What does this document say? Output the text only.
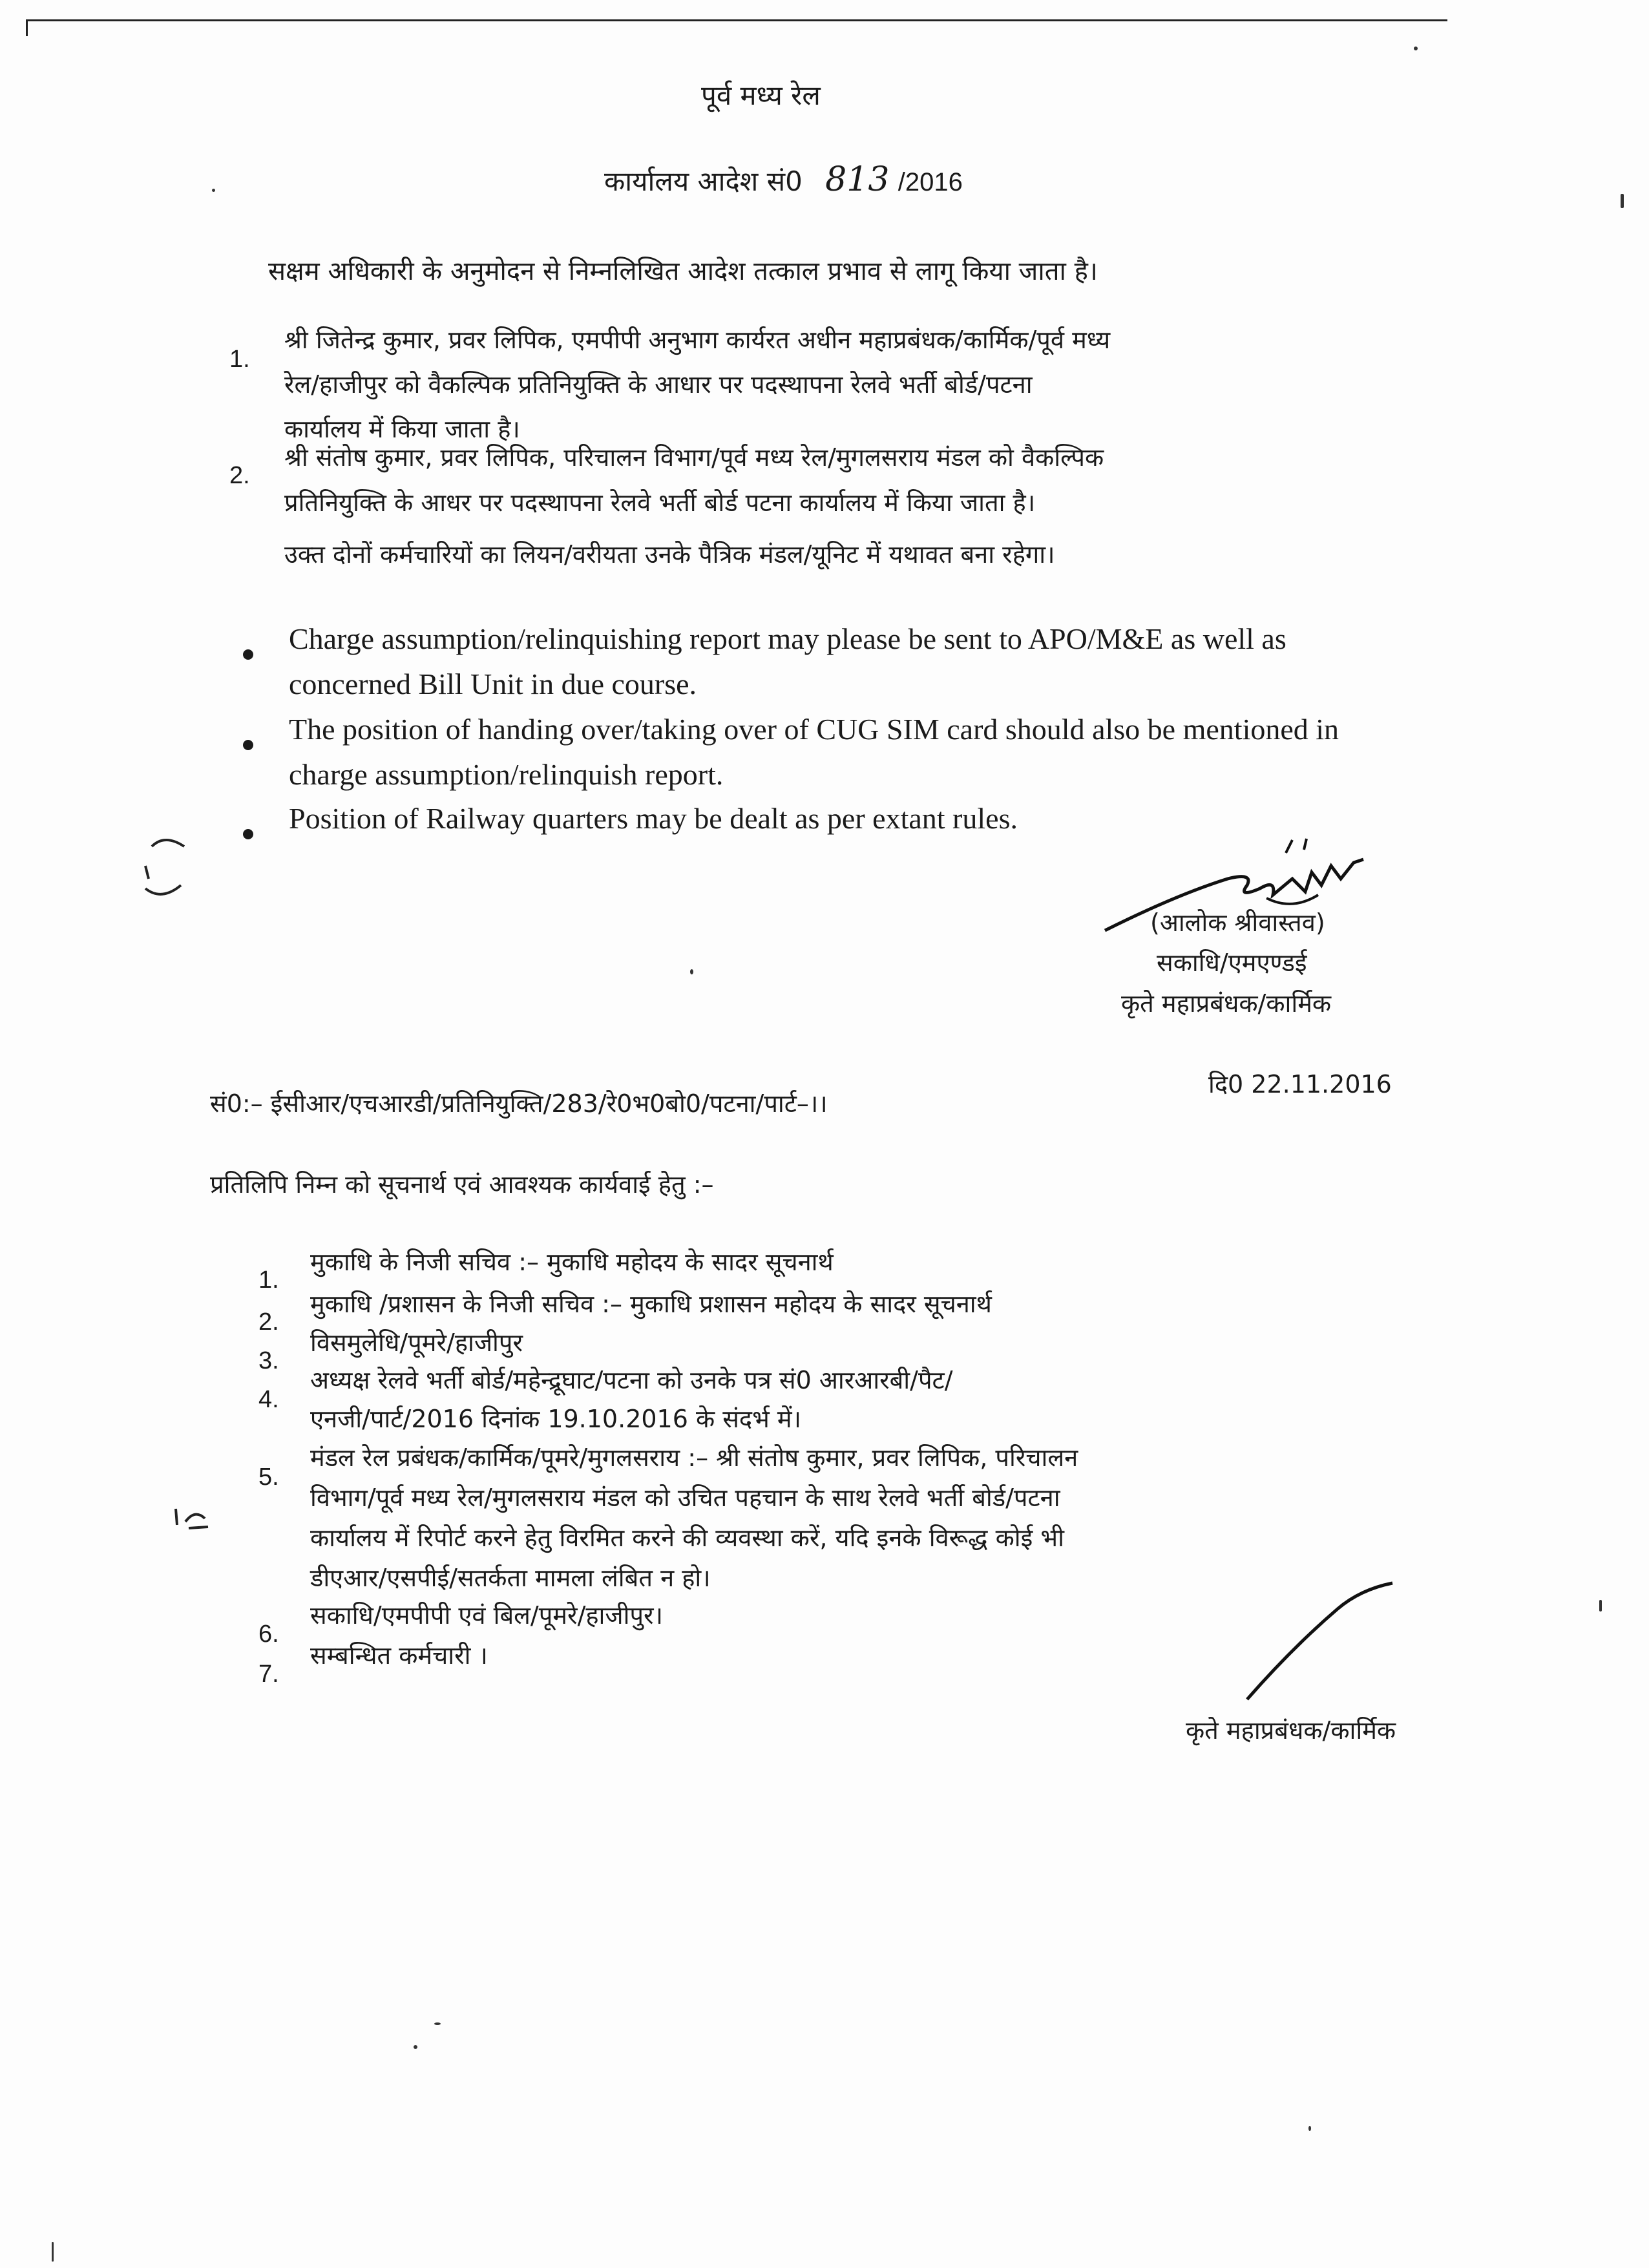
पूर्व मध्य रेल
कार्यालय आदेश सं0 813 /2016
सक्षम अधिकारी के अनुमोदन से निम्नलिखित आदेश तत्काल प्रभाव से लागू किया जाता है।
1.
श्री जितेन्द्र कुमार, प्रवर लिपिक, एमपीपी अनुभाग कार्यरत अधीन महाप्रबंधक/कार्मिक/पूर्व मध्य
रेल/हाजीपुर को वैकल्पिक प्रतिनियुक्ति के आधार पर पदस्थापना रेलवे भर्ती बोर्ड/पटना
कार्यालय में किया जाता है।
2.
श्री संतोष कुमार, प्रवर लिपिक, परिचालन विभाग/पूर्व मध्य रेल/मुगलसराय मंडल को वैकल्पिक
प्रतिनियुक्ति के आधर पर पदस्थापना रेलवे भर्ती बोर्ड पटना कार्यालय में किया जाता है।
उक्त दोनों कर्मचारियों का लियन/वरीयता उनके पैत्रिक मंडल/यूनिट में यथावत बना रहेगा।
Charge assumption/relinquishing report may please be sent to APO/M&E as well as
concerned Bill Unit in due course.
The position of handing over/taking over of CUG SIM card should also be mentioned in
charge assumption/relinquish report.
Position of Railway quarters may be dealt as per extant rules.
(आलोक श्रीवास्तव)
सकाधि/एमएण्डई
कृते महाप्रबंधक/कार्मिक
सं0:– ईसीआर/एचआरडी/प्रतिनियुक्ति/283/रे0भ0बो0/पटना/पार्ट–।।
दि0 22.11.2016
प्रतिलिपि निम्न को सूचनार्थ एवं आवश्यक कार्यवाई हेतु :–
1.
मुकाधि के निजी सचिव :– मुकाधि महोदय के सादर सूचनार्थ
2.
मुकाधि /प्रशासन के निजी सचिव :– मुकाधि प्रशासन महोदय के सादर सूचनार्थ
3.
विसमुलेधि/पूमरे/हाजीपुर
4.
अध्यक्ष रेलवे भर्ती बोर्ड/महेन्द्रूघाट/पटना को उनके पत्र सं0 आरआरबी/पैट/
एनजी/पार्ट/2016 दिनांक 19.10.2016 के संदर्भ में।
5.
मंडल रेल प्रबंधक/कार्मिक/पूमरे/मुगलसराय :– श्री संतोष कुमार, प्रवर लिपिक, परिचालन
विभाग/पूर्व मध्य रेल/मुगलसराय मंडल को उचित पहचान के साथ रेलवे भर्ती बोर्ड/पटना
कार्यालय में रिपोर्ट करने हेतु विरमित करने की व्यवस्था करें, यदि इनके विरूद्ध कोई भी
डीएआर/एसपीई/सतर्कता मामला लंबित न हो।
6.
सकाधि/एमपीपी एवं बिल/पूमरे/हाजीपुर।
7.
सम्बन्धित कर्मचारी ।
कृते महाप्रबंधक/कार्मिक
